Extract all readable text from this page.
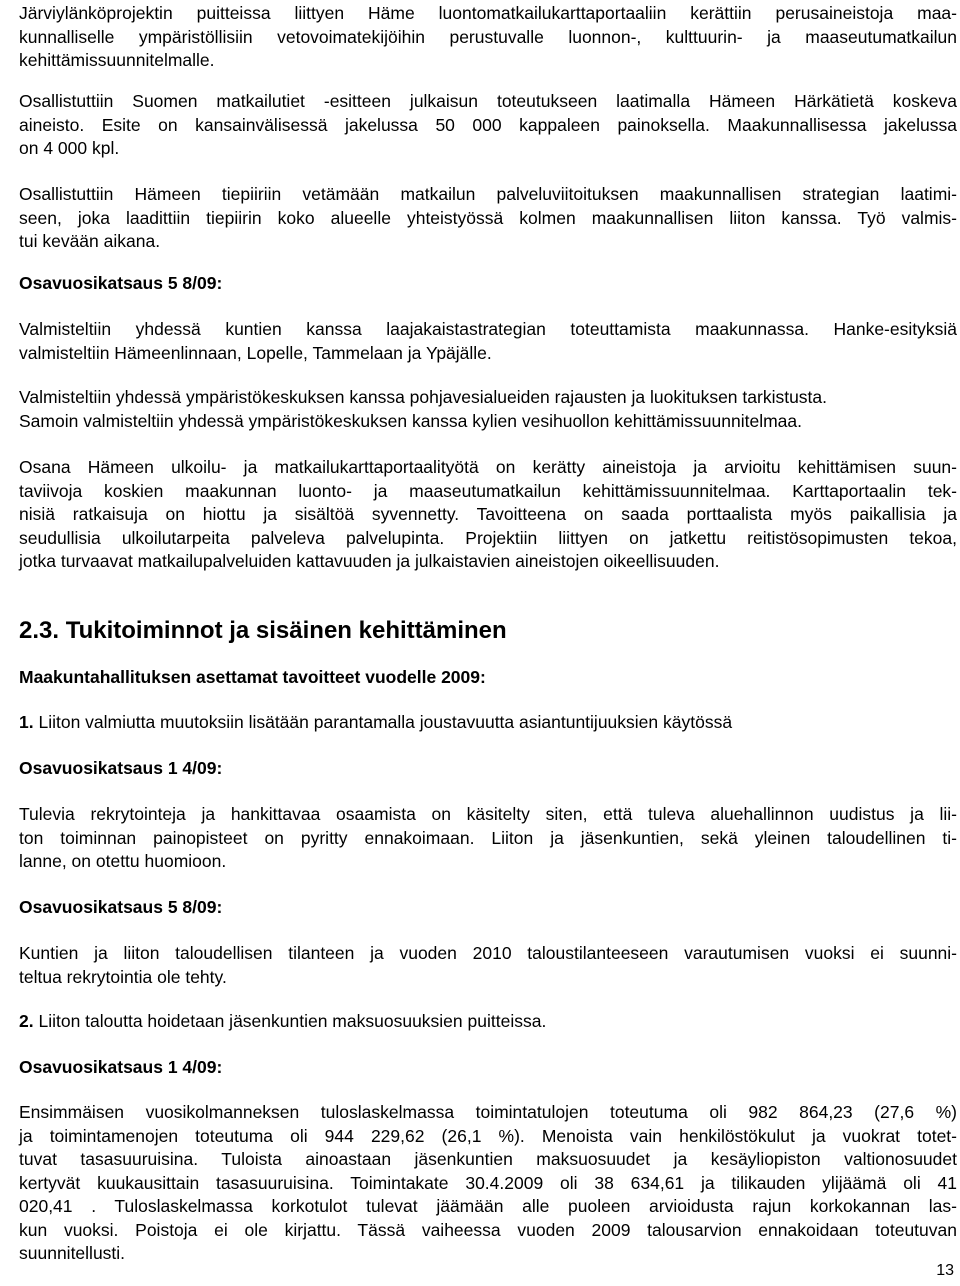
Järviylänköprojektin puitteissa liittyen Häme luontomatkailukarttaportaaliin kerättiin perusaineistoja maa-
kunnalliselle ympäristöllisiin vetovoimatekijöihin perustuvalle luonnon-, kulttuurin- ja maaseutumatkailun
kehittämissuunnitelmalle.
Osallistuttiin Suomen matkailutiet -esitteen julkaisun toteutukseen laatimalla Hämeen Härkätietä koskeva
aineisto. Esite on kansainvälisessä jakelussa 50 000 kappaleen painoksella. Maakunnallisessa jakelussa
on 4 000 kpl.
Osallistuttiin Hämeen tiepiiriin vetämään matkailun palveluviitoituksen maakunnallisen strategian laatimi-
seen, joka laadittiin tiepiirin koko alueelle yhteistyössä kolmen maakunnallisen liiton kanssa. Työ valmis-
tui kevään aikana.
Osavuosikatsaus 5 8/09:
Valmisteltiin yhdessä kuntien kanssa laajakaistastrategian toteuttamista maakunnassa. Hanke-esityksiä
valmisteltiin Hämeenlinnaan, Lopelle, Tammelaan ja Ypäjälle.
Valmisteltiin yhdessä ympäristökeskuksen kanssa pohjavesialueiden rajausten ja luokituksen tarkistusta.
Samoin valmisteltiin yhdessä ympäristökeskuksen kanssa kylien vesihuollon kehittämissuunnitelmaa.
Osana Hämeen ulkoilu- ja matkailukarttaportaalityötä on kerätty aineistoja ja arvioitu kehittämisen suun-
taviivoja koskien maakunnan luonto- ja maaseutumatkailun kehittämissuunnitelmaa. Karttaportaalin tek-
nisiä ratkaisuja on hiottu ja sisältöä syvennetty. Tavoitteena on saada porttaalista myös paikallisia ja
seudullisia ulkoilutarpeita palveleva palvelupinta. Projektiin liittyen on jatkettu reitistösopimusten tekoa,
jotka turvaavat matkailupalveluiden kattavuuden ja julkaistavien aineistojen oikeellisuuden.
2.3. Tukitoiminnot ja sisäinen kehittäminen
Maakuntahallituksen asettamat tavoitteet vuodelle 2009:
1. Liiton valmiutta muutoksiin lisätään parantamalla joustavuutta asiantuntijuuksien käytössä
Osavuosikatsaus 1 4/09:
Tulevia rekrytointeja ja hankittavaa osaamista on käsitelty siten, että tuleva aluehallinnon uudistus ja lii-
ton toiminnan painopisteet on pyritty ennakoimaan. Liiton ja jäsenkuntien, sekä yleinen taloudellinen ti-
lanne, on otettu huomioon.
Osavuosikatsaus 5 8/09:
Kuntien ja liiton taloudellisen tilanteen ja vuoden 2010 taloustilanteeseen varautumisen vuoksi ei suunni-
teltua rekrytointia ole tehty.
2. Liiton taloutta hoidetaan jäsenkuntien maksuosuuksien puitteissa.
Osavuosikatsaus 1 4/09:
Ensimmäisen vuosikolmanneksen tuloslaskelmassa toimintatulojen toteutuma oli 982 864,23 (27,6 %)
ja toimintamenojen toteutuma oli 944 229,62 (26,1 %). Menoista vain henkilöstökulut ja vuokrat totet-
tuvat tasasuuruisina. Tuloista ainoastaan jäsenkuntien maksuosuudet ja kesäyliopiston valtionosuudet
kertyvät kuukausittain tasasuuruisina. Toimintakate 30.4.2009 oli 38 634,61 ja tilikauden ylijäämä oli 41
020,41 . Tuloslaskelmassa korkotulot tulevat jäämään alle puoleen arvioidusta rajun korkokannan las-
kun vuoksi. Poistoja ei ole kirjattu. Tässä vaiheessa vuoden 2009 talousarvion ennakoidaan toteutuvan
suunnitellusti.
13
